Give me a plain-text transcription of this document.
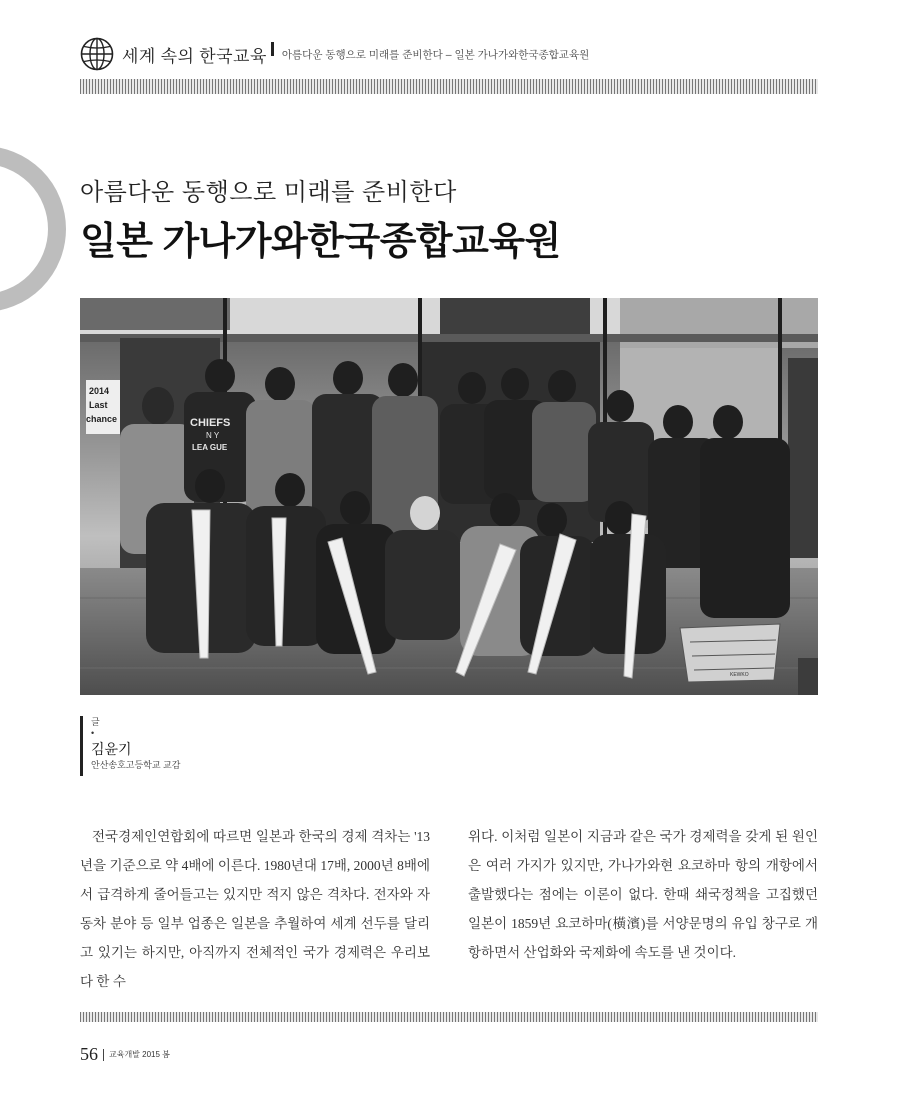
세계 속의 한국교육 아름다운 동행으로 미래를 준비한다 – 일본 가나가와한국종합교육원
아름다운 동행으로 미래를 준비한다
일본 가나가와한국종합교육원
2014
Last
chance	CHIEFS
N Y
LEA GUE
KEWKO
글
•
김윤기
안산송호고등학교 교감
전국경제인연합회에 따르면 일본과 한국의 경제 격차는 '13년을 기준으로 약 4배에 이른다. 1980년대 17배, 2000년 8배에서 급격하게 줄어들고는 있지만 적지 않은 격차다. 전자와 자동차 분야 등 일부 업종은 일본을 추월하여 세계 선두를 달리고 있기는 하지만, 아직까지 전체적인 국가 경제력은 우리보다 한 수
위다. 이처럼 일본이 지금과 같은 국가 경제력을 갖게 된 원인은 여러 가지가 있지만, 가나가와현 요코하마 항의 개항에서 출발했다는 점에는 이론이 없다. 한때 쇄국정책을 고집했던 일본이 1859년 요코하마(橫濱)를 서양문명의 유입 창구로 개항하면서 산업화와 국제화에 속도를 낸 것이다.
56 교육개발 2015 봄
